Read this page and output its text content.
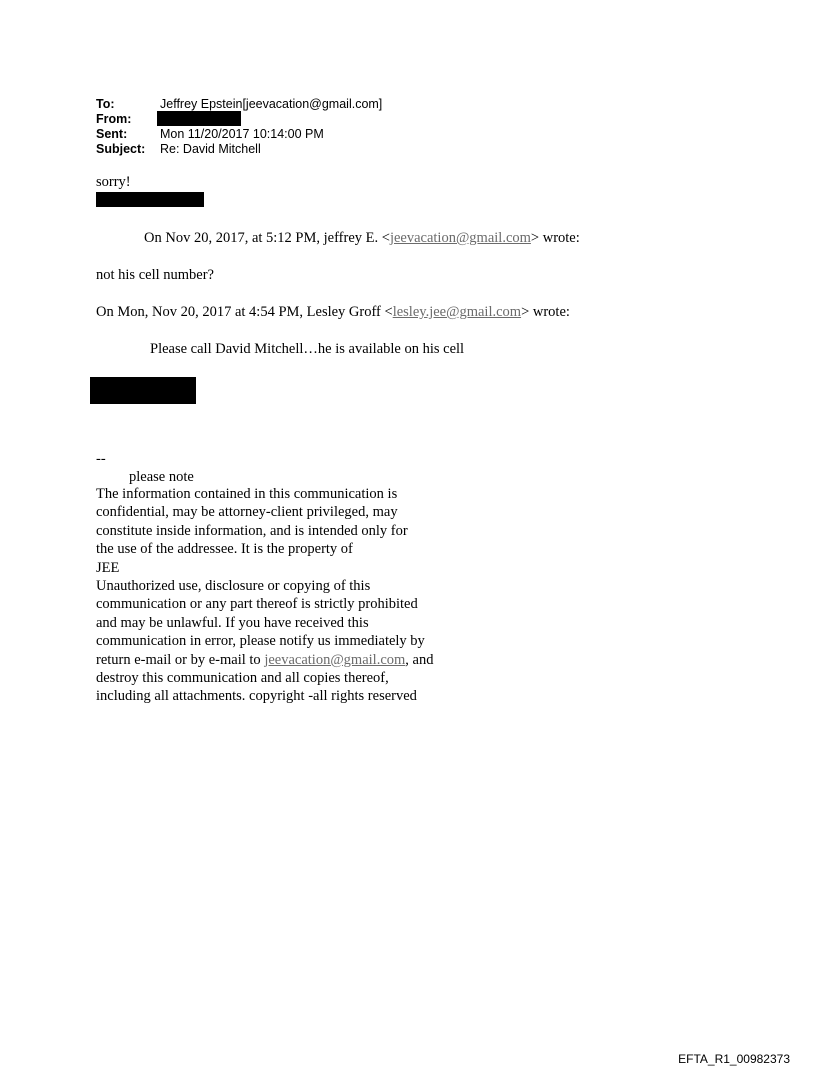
To:	Jeffrey Epstein[jeevacation@gmail.com]
From:
Sent:	Mon 11/20/2017 10:14:00 PM
Subject:	Re: David Mitchell
sorry!
On Nov 20, 2017, at 5:12 PM, jeffrey E. <jeevacation@gmail.com> wrote:
not his cell number?
On Mon, Nov 20, 2017 at 4:54 PM, Lesley Groff <lesley.jee@gmail.com> wrote:
Please call David Mitchell…he is available on his cell
--
please note
The information contained in this communication is
confidential, may be attorney-client privileged, may
constitute inside information, and is intended only for
the use of the addressee. It is the property of
JEE
Unauthorized use, disclosure or copying of this
communication or any part thereof is strictly prohibited
and may be unlawful. If you have received this
communication in error, please notify us immediately by
return e-mail or by e-mail to jeevacation@gmail.com, and
destroy this communication and all copies thereof,
including all attachments. copyright -all rights reserved
EFTA_R1_00982373
